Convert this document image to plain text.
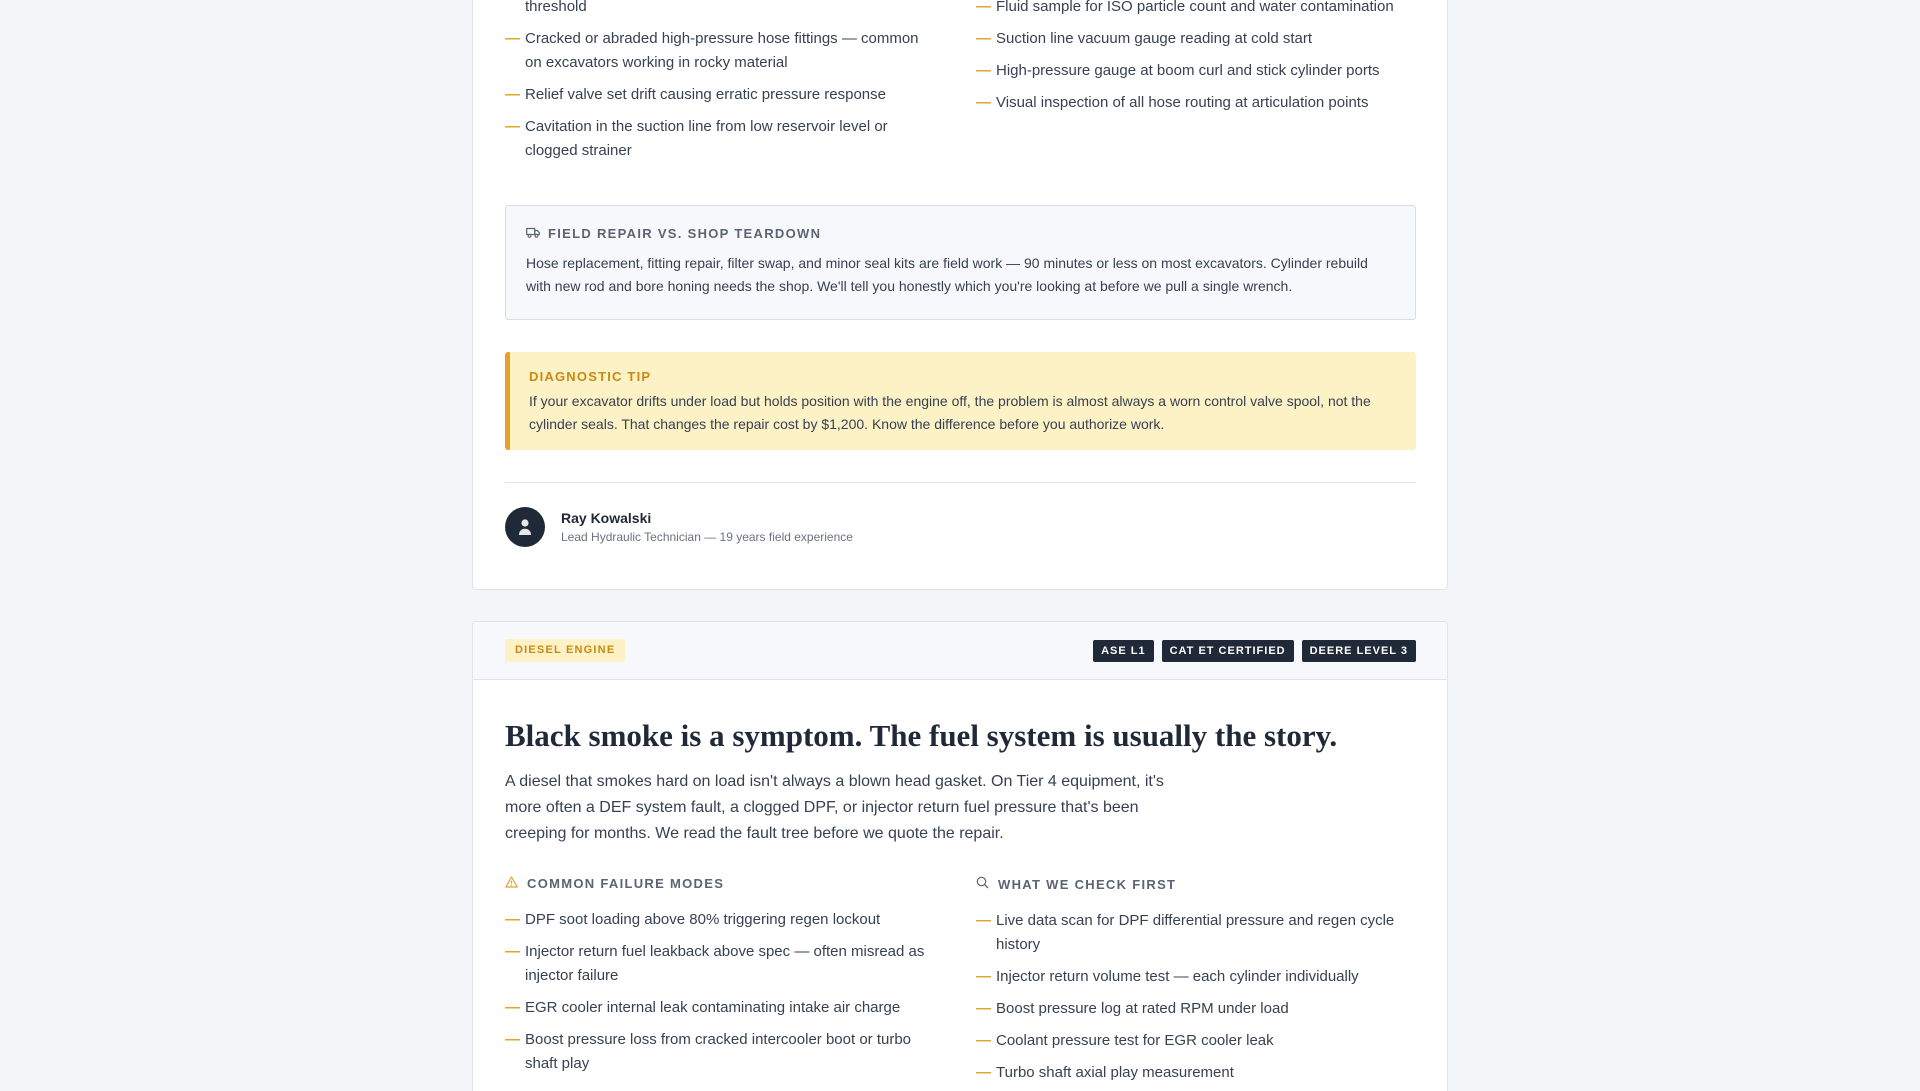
threshold
— Cracked or abraded high-pressure hose fittings — common on excavators working in rocky material
— Relief valve set drift causing erratic pressure response
— Cavitation in the suction line from low reservoir level or clogged strainer
— Fluid sample for ISO particle count and water contamination
— Suction line vacuum gauge reading at cold start
— High-pressure gauge at boom curl and stick cylinder ports
— Visual inspection of all hose routing at articulation points
FIELD REPAIR VS. SHOP TEARDOWN

Hose replacement, fitting repair, filter swap, and minor seal kits are field work — 90 minutes or less on most excavators. Cylinder rebuild with new rod and bore honing needs the shop. We'll tell you honestly which you're looking at before we pull a single wrench.

DIAGNOSTIC TIP

If your excavator drifts under load but holds position with the engine off, the problem is almost always a worn control valve spool, not the cylinder seals. That changes the repair cost by $1,200. Know the difference before you authorize work.

Ray Kowalski
Lead Hydraulic Technician — 19 years field experience
DIESEL ENGINE	ASE L1	CAT ET CERTIFIED	DEERE LEVEL 3
Black smoke is a symptom. The fuel system is usually the story.

A diesel that smokes hard on load isn't always a blown head gasket. On Tier 4 equipment, it's more often a DEF system fault, a clogged DPF, or injector return fuel pressure that's been creeping for months. We read the fault tree before we quote the repair.

COMMON FAILURE MODES
— DPF soot loading above 80% triggering regen lockout
— Injector return fuel leakback above spec — often misread as injector failure
— EGR cooler internal leak contaminating intake air charge
— Boost pressure loss from cracked intercooler boot or turbo shaft play
WHAT WE CHECK FIRST
— Live data scan for DPF differential pressure and regen cycle history
— Injector return volume test — each cylinder individually
— Boost pressure log at rated RPM under load
— Coolant pressure test for EGR cooler leak
— Turbo shaft axial play measurement
